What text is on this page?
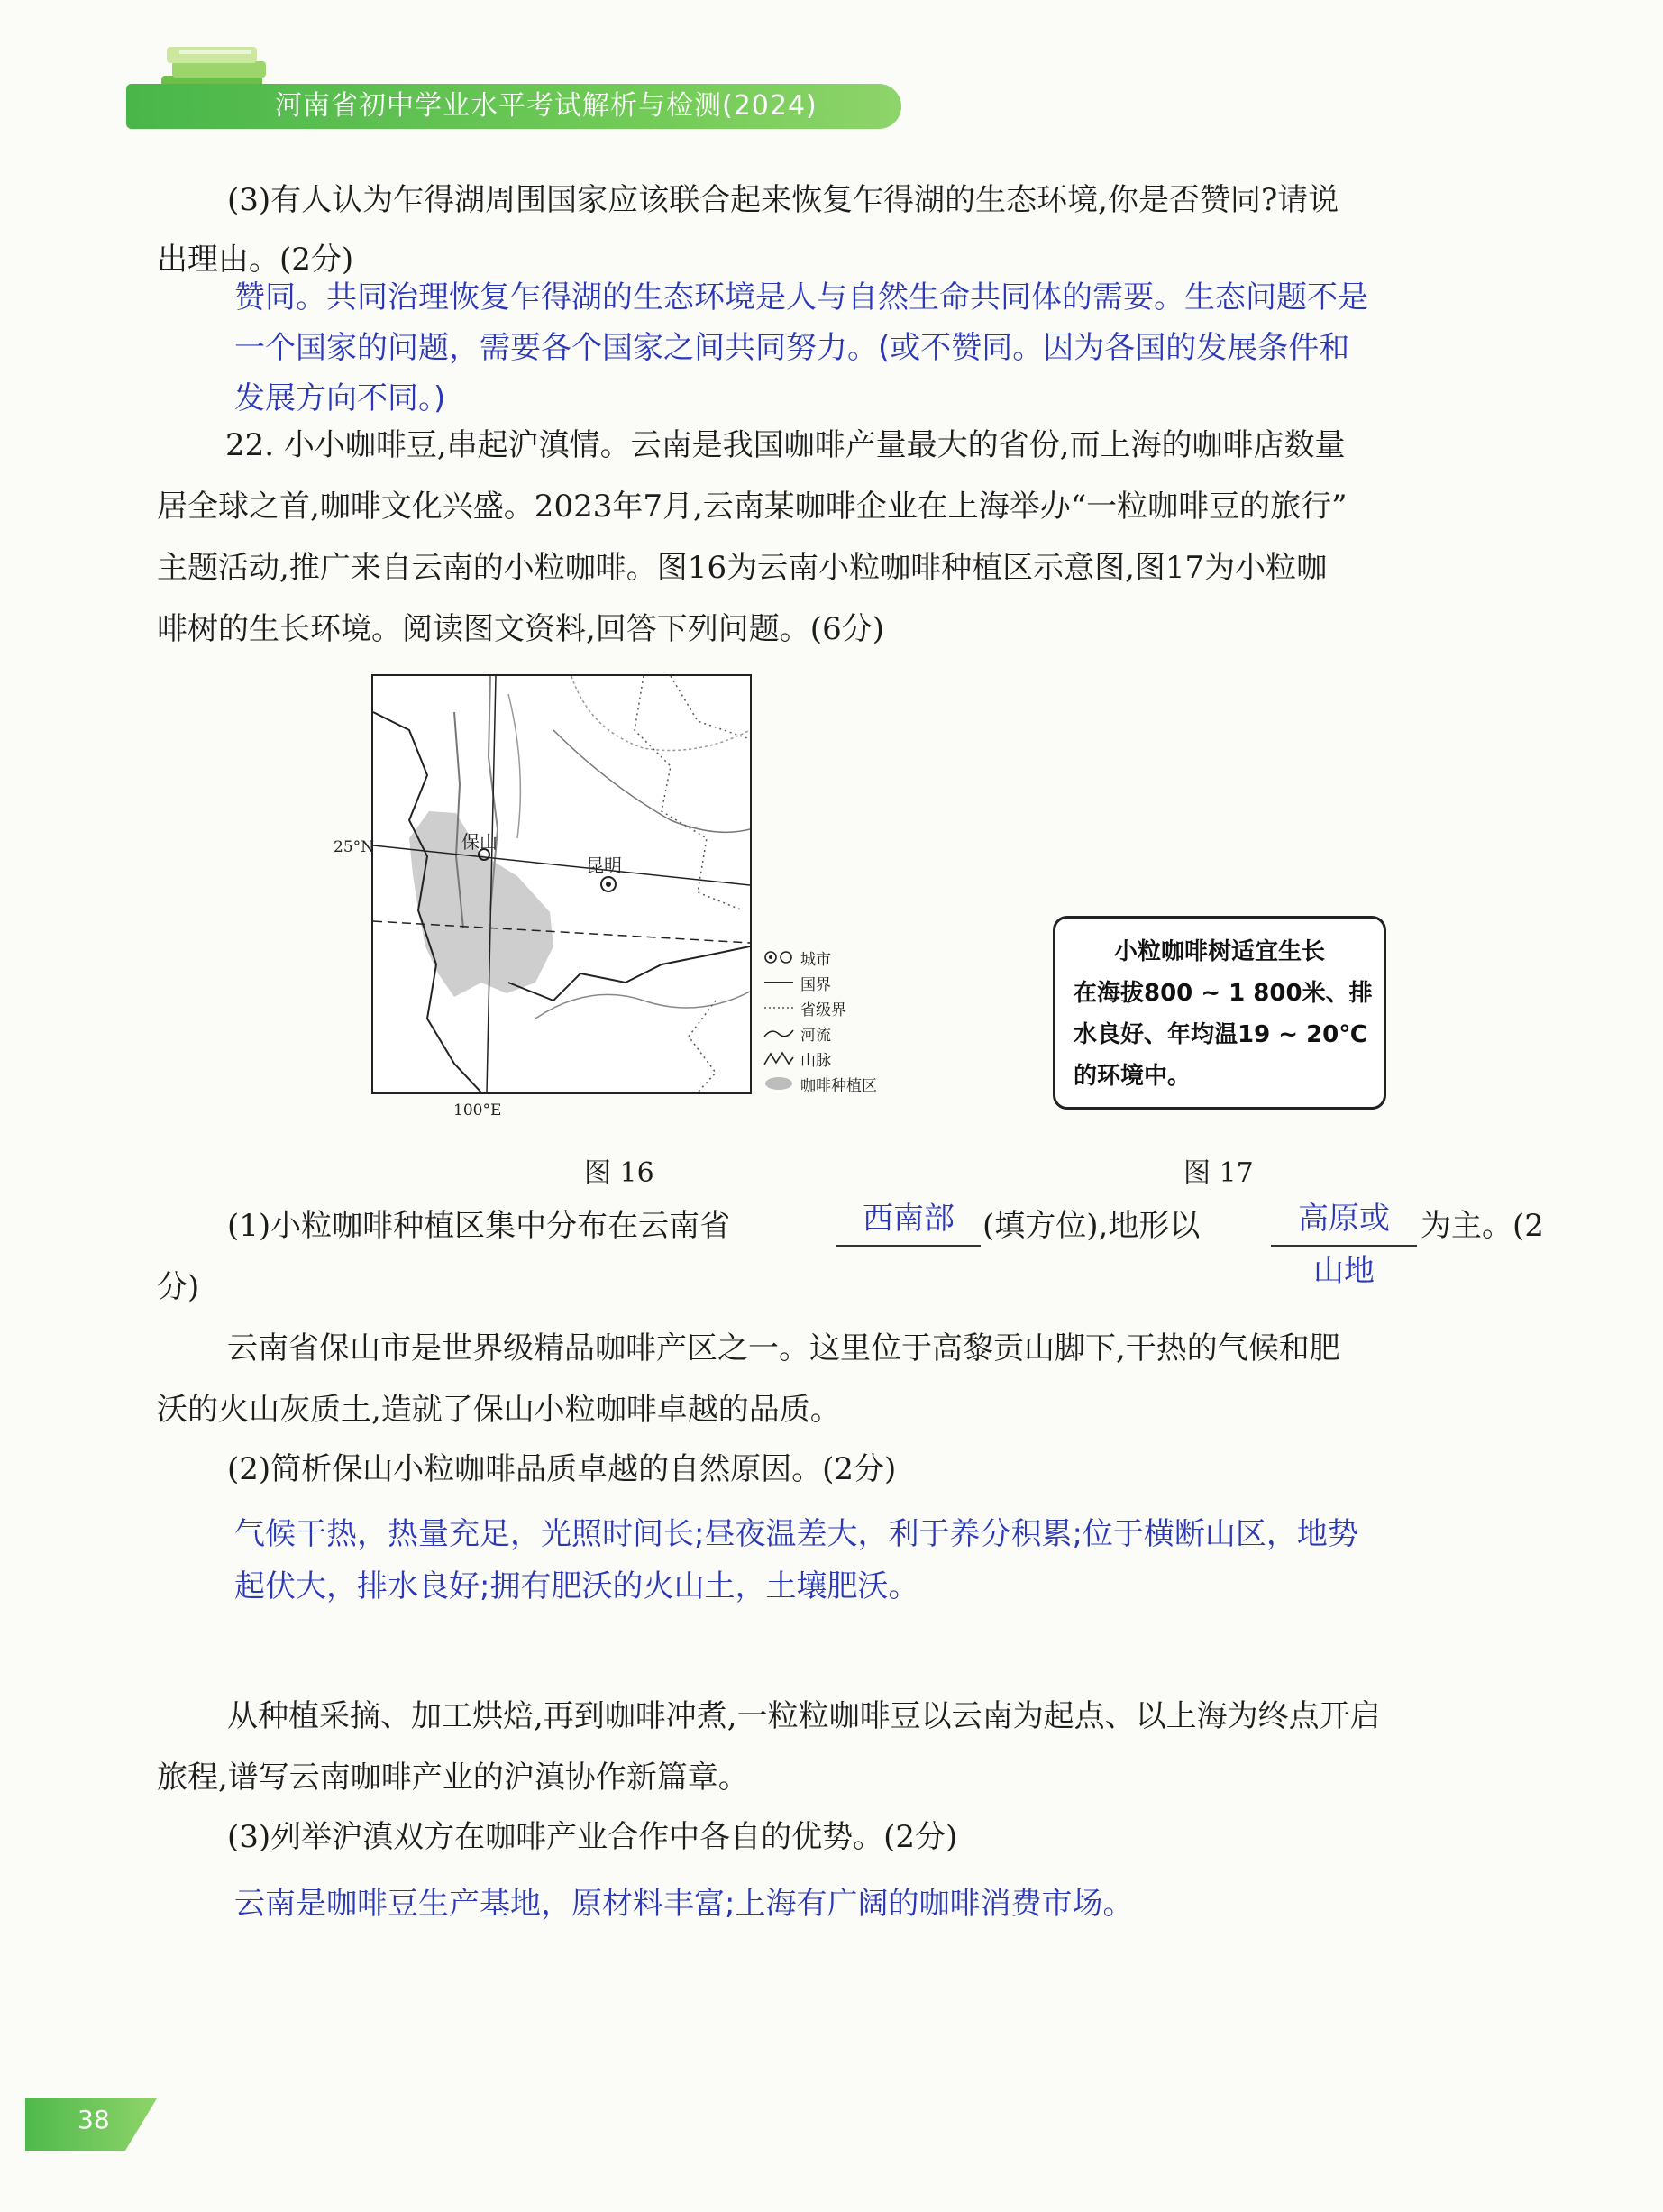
河南省初中学业水平考试解析与检测(2024)
(3)有人认为乍得湖周围国家应该联合起来恢复乍得湖的生态环境,你是否赞同?请说
出理由。(2分)
赞同。共同治理恢复乍得湖的生态环境是人与自然生命共同体的需要。生态问题不是
一个国家的问题，需要各个国家之间共同努力。(或不赞同。因为各国的发展条件和
发展方向不同。)
22. 小小咖啡豆,串起沪滇情。云南是我国咖啡产量最大的省份,而上海的咖啡店数量
居全球之首,咖啡文化兴盛。2023年7月,云南某咖啡企业在上海举办“一粒咖啡豆的旅行”
主题活动,推广来自云南的小粒咖啡。图16为云南小粒咖啡种植区示意图,图17为小粒咖
啡树的生长环境。阅读图文资料,回答下列问题。(6分)
保山
昆明
25°N
100°E
城市
国界
省级界
河流
山脉
咖啡种植区
小粒咖啡树适宜生长
在海拔800 ~ 1 800米、排
水良好、年均温19 ~ 20℃
的环境中。
图 16	图 17
(1)小粒咖啡种植区集中分布在云南省	西南部 (填方位),地形以	高原或
山地
为主。(2
分)
云南省保山市是世界级精品咖啡产区之一。这里位于高黎贡山脚下,干热的气候和肥
沃的火山灰质土,造就了保山小粒咖啡卓越的品质。
(2)简析保山小粒咖啡品质卓越的自然原因。(2分)
气候干热，热量充足，光照时间长;昼夜温差大，利于养分积累;位于横断山区，地势
起伏大，排水良好;拥有肥沃的火山土，土壤肥沃。
从种植采摘、加工烘焙,再到咖啡冲煮,一粒粒咖啡豆以云南为起点、以上海为终点开启
旅程,谱写云南咖啡产业的沪滇协作新篇章。
(3)列举沪滇双方在咖啡产业合作中各自的优势。(2分)
云南是咖啡豆生产基地，原材料丰富;上海有广阔的咖啡消费市场。
38
